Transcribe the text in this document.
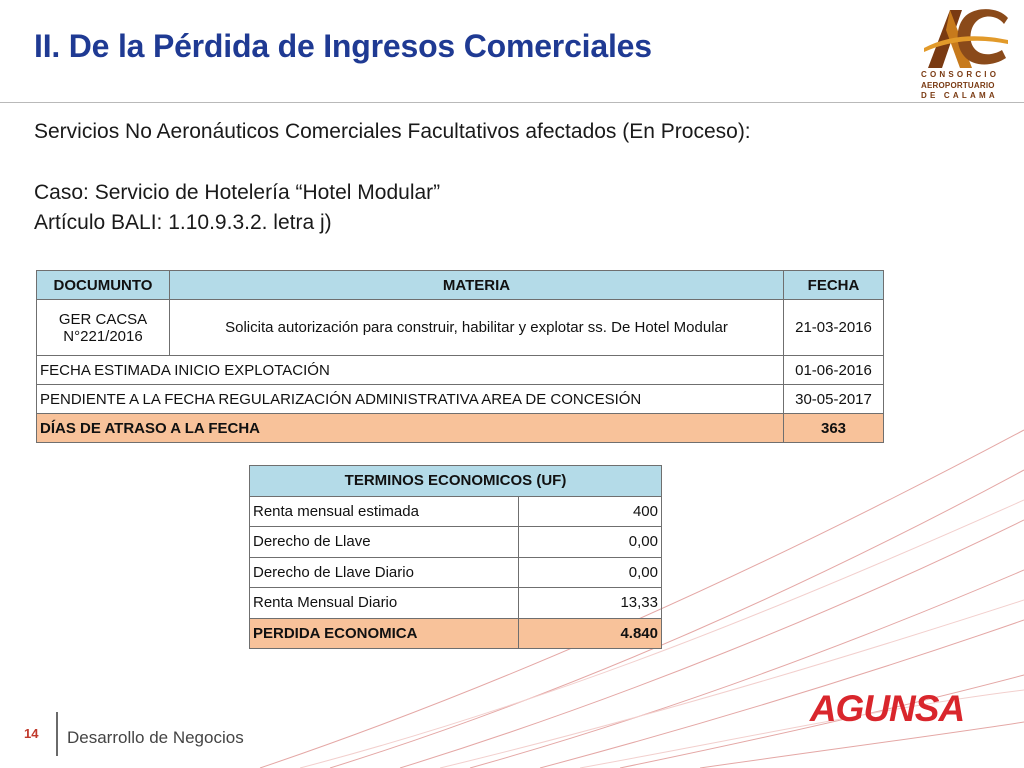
II. De la Pérdida de Ingresos Comerciales
CONSORCIO
AEROPORTUARIO
DE CALAMA

Servicios No Aeronáuticos Comerciales Facultativos afectados (En Proceso):

Caso: Servicio de Hotelería “Hotel Modular”

Artículo BALI: 1.10.9.3.2. letra j)

DOCUMUNTO	MATERIA	FECHA
GER CACSA N°221/2016	Solicita autorización para construir, habilitar y explotar ss. De Hotel Modular	21-03-2016
FECHA ESTIMADA INICIO EXPLOTACIÓN		01-06-2016
PENDIENTE A LA FECHA REGULARIZACIÓN ADMINISTRATIVA AREA DE CONCESIÓN		30-05-2017
DÍAS DE ATRASO A LA FECHA		363
TERMINOS ECONOMICOS (UF)	
Renta mensual estimada	400
Derecho de Llave	0,00
Derecho de Llave Diario	0,00
Renta Mensual Diario	13,33
PERDIDA ECONOMICA	4.840
AGUNSA
14 Desarrollo de Negocios
